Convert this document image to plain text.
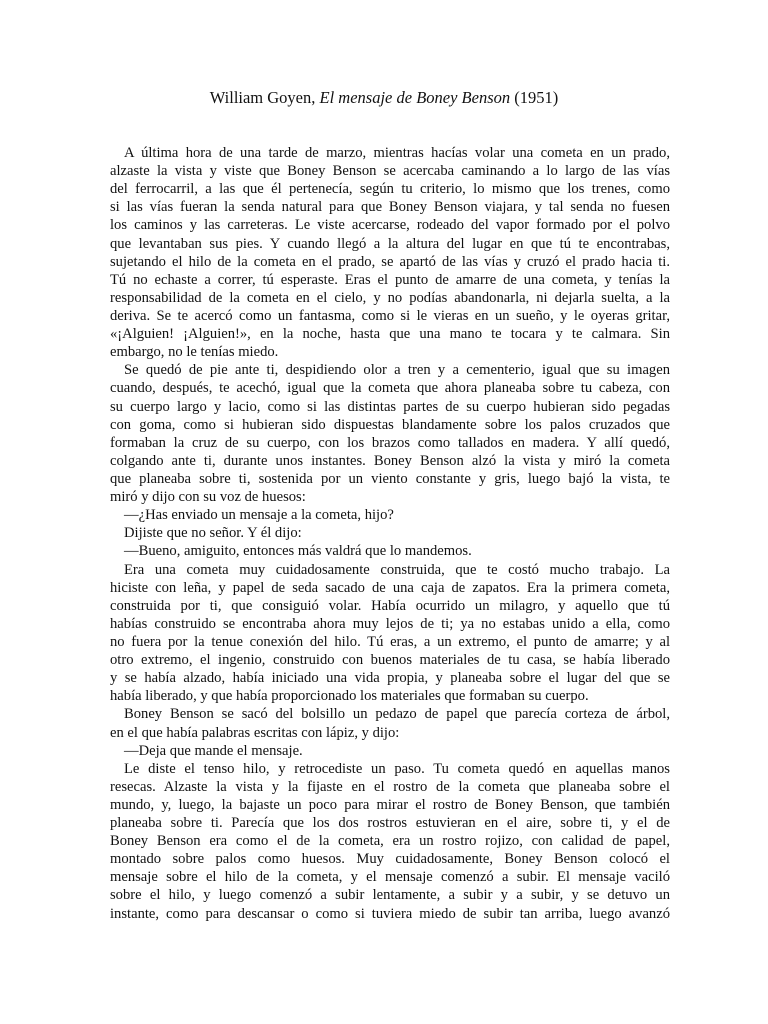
William Goyen, El mensaje de Boney Benson (1951)
A última hora de una tarde de marzo, mientras hacías volar una cometa en un prado,
alzaste la vista y viste que Boney Benson se acercaba caminando a lo largo de las vías
del ferrocarril, a las que él pertenecía, según tu criterio, lo mismo que los trenes, como
si las vías fueran la senda natural para que Boney Benson viajara, y tal senda no fuesen
los caminos y las carreteras. Le viste acercarse, rodeado del vapor formado por el polvo
que levantaban sus pies. Y cuando llegó a la altura del lugar en que tú te encontrabas,
sujetando el hilo de la cometa en el prado, se apartó de las vías y cruzó el prado hacia ti.
Tú no echaste a correr, tú esperaste. Eras el punto de amarre de una cometa, y tenías la
responsabilidad de la cometa en el cielo, y no podías abandonarla, ni dejarla suelta, a la
deriva. Se te acercó como un fantasma, como si le vieras en un sueño, y le oyeras gritar,
«¡Alguien! ¡Alguien!», en la noche, hasta que una mano te tocara y te calmara. Sin
embargo, no le tenías miedo.
Se quedó de pie ante ti, despidiendo olor a tren y a cementerio, igual que su imagen
cuando, después, te acechó, igual que la cometa que ahora planeaba sobre tu cabeza, con
su cuerpo largo y lacio, como si las distintas partes de su cuerpo hubieran sido pegadas
con goma, como si hubieran sido dispuestas blandamente sobre los palos cruzados que
formaban la cruz de su cuerpo, con los brazos como tallados en madera. Y allí quedó,
colgando ante ti, durante unos instantes. Boney Benson alzó la vista y miró la cometa
que planeaba sobre ti, sostenida por un viento constante y gris, luego bajó la vista, te
miró y dijo con su voz de huesos:
—¿Has enviado un mensaje a la cometa, hijo?
Dijiste que no señor. Y él dijo:
—Bueno, amiguito, entonces más valdrá que lo mandemos.
Era una cometa muy cuidadosamente construida, que te costó mucho trabajo. La
hiciste con leña, y papel de seda sacado de una caja de zapatos. Era la primera cometa,
construida por ti, que consiguió volar. Había ocurrido un milagro, y aquello que tú
habías construido se encontraba ahora muy lejos de ti; ya no estabas unido a ella, como
no fuera por la tenue conexión del hilo. Tú eras, a un extremo, el punto de amarre; y al
otro extremo, el ingenio, construido con buenos materiales de tu casa, se había liberado
y se había alzado, había iniciado una vida propia, y planeaba sobre el lugar del que se
había liberado, y que había proporcionado los materiales que formaban su cuerpo.
Boney Benson se sacó del bolsillo un pedazo de papel que parecía corteza de árbol,
en el que había palabras escritas con lápiz, y dijo:
—Deja que mande el mensaje.
Le diste el tenso hilo, y retrocediste un paso. Tu cometa quedó en aquellas manos
resecas. Alzaste la vista y la fijaste en el rostro de la cometa que planeaba sobre el
mundo, y, luego, la bajaste un poco para mirar el rostro de Boney Benson, que también
planeaba sobre ti. Parecía que los dos rostros estuvieran en el aire, sobre ti, y el de
Boney Benson era como el de la cometa, era un rostro rojizo, con calidad de papel,
montado sobre palos como huesos. Muy cuidadosamente, Boney Benson colocó el
mensaje sobre el hilo de la cometa, y el mensaje comenzó a subir. El mensaje vaciló
sobre el hilo, y luego comenzó a subir lentamente, a subir y a subir, y se detuvo un
instante, como para descansar o como si tuviera miedo de subir tan arriba, luego avanzó
